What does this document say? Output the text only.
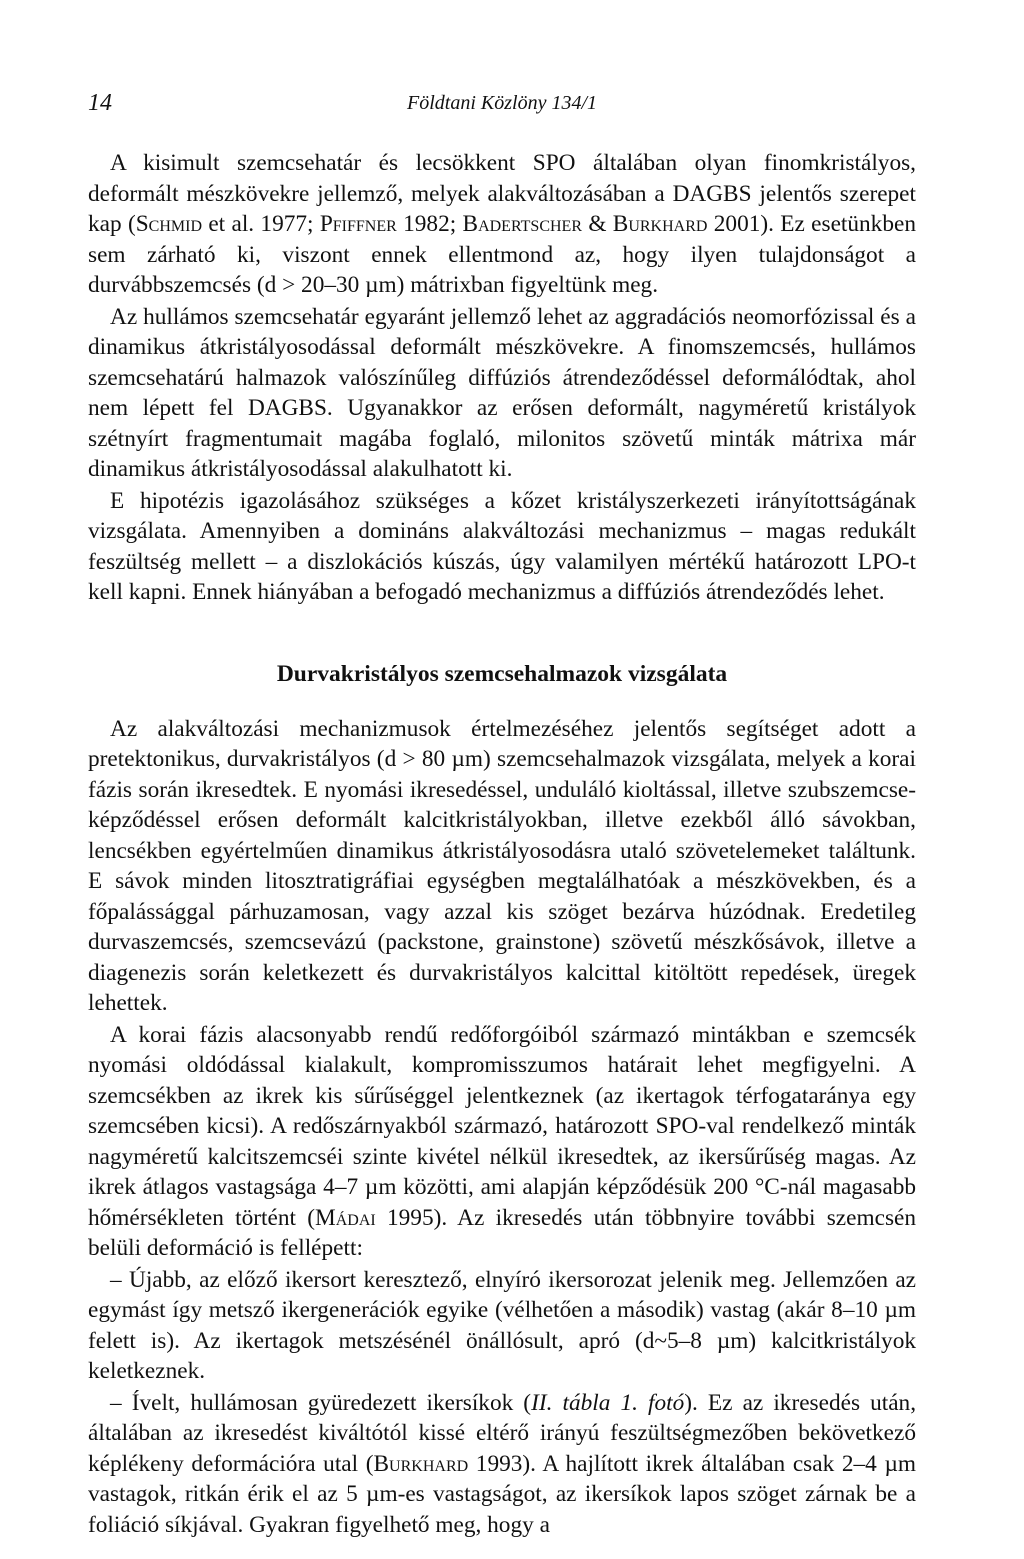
14	Földtani Közlöny 134/1

A kisimult szemcsehatár és lecsökkent SPO általában olyan finomkristályos, deformált mészkövekre jellemző, melyek alakváltozásában a DAGBS jelentős szerepet kap (Schmid et al. 1977; Pfiffner 1982; Badertscher & Burkhard 2001). Ez esetünkben sem zárható ki, viszont ennek ellentmond az, hogy ilyen tulajdonságot a durvábbszemcsés (d > 20–30 µm) mátrixban figyeltünk meg.

Az hullámos szemcsehatár egyaránt jellemző lehet az aggradációs neomorfózissal és a dinamikus átkristályosodással deformált mészkövekre. A finomszemcsés, hullámos szemcsehatárú halmazok valószínűleg diffúziós átrendeződéssel deformálódtak, ahol nem lépett fel DAGBS. Ugyanakkor az erősen deformált, nagyméretű kristályok szétnyírt fragmentumait magába foglaló, milonitos szövetű minták mátrixa már dinamikus átkristályosodással alakulhatott ki.

E hipotézis igazolásához szükséges a kőzet kristályszerkezeti irányítottságának vizsgálata. Amennyiben a domináns alakváltozási mechanizmus – magas redukált feszültség mellett – a diszlokációs kúszás, úgy valamilyen mértékű határozott LPO-t kell kapni. Ennek hiányában a befogadó mechanizmus a diffúziós átrendeződés lehet.

Durvakristályos szemcsehalmazok vizsgálata

Az alakváltozási mechanizmusok értelmezéséhez jelentős segítséget adott a pretektonikus, durvakristályos (d > 80 µm) szemcsehalmazok vizsgálata, melyek a korai fázis során ikresedtek. E nyomási ikresedéssel, unduláló kioltással, illetve szubszemcse-képződéssel erősen deformált kalcitkristályokban, illetve ezekből álló sávokban, lencsékben egyértelműen dinamikus átkristályosodásra utaló szövetelemeket találtunk. E sávok minden litosztratigráfiai egységben megtalálhatóak a mészkövekben, és a főpalássággal párhuzamosan, vagy azzal kis szöget bezárva húzódnak. Eredetileg durvaszemcsés, szemcsevázú (packstone, grainstone) szövetű mészkősávok, illetve a diagenezis során keletkezett és durvakristályos kalcittal kitöltött repedések, üregek lehettek.

A korai fázis alacsonyabb rendű redőforgóiból származó mintákban e szemcsék nyomási oldódással kialakult, kompromisszumos határait lehet megfigyelni. A szemcsékben az ikrek kis sűrűséggel jelentkeznek (az ikertagok térfogataránya egy szemcsében kicsi). A redőszárnyakból származó, határozott SPO-val rendelkező minták nagyméretű kalcitszemcséi szinte kivétel nélkül ikresedtek, az ikersűrűség magas. Az ikrek átlagos vastagsága 4–7 µm közötti, ami alapján képződésük 200 °C-nál magasabb hőmérsékleten történt (Mádai 1995). Az ikresedés után többnyire további szemcsén belüli deformáció is fellépett:

– Újabb, az előző ikersort keresztező, elnyíró ikersorozat jelenik meg. Jellemzően az egymást így metsző ikergenerációk egyike (vélhetően a második) vastag (akár 8–10 µm felett is). Az ikertagok metszésénél önállósult, apró (d~5–8 µm) kalcitkristályok keletkeznek.

– Ívelt, hullámosan gyüredezett ikersíkok (II. tábla 1. fotó). Ez az ikresedés után, általában az ikresedést kiváltótól kissé eltérő irányú feszültségmezőben bekövetkező képlékeny deformációra utal (Burkhard 1993). A hajlított ikrek általában csak 2–4 µm vastagok, ritkán érik el az 5 µm-es vastagságot, az ikersíkok lapos szöget zárnak be a foliáció síkjával. Gyakran figyelhető meg, hogy a
